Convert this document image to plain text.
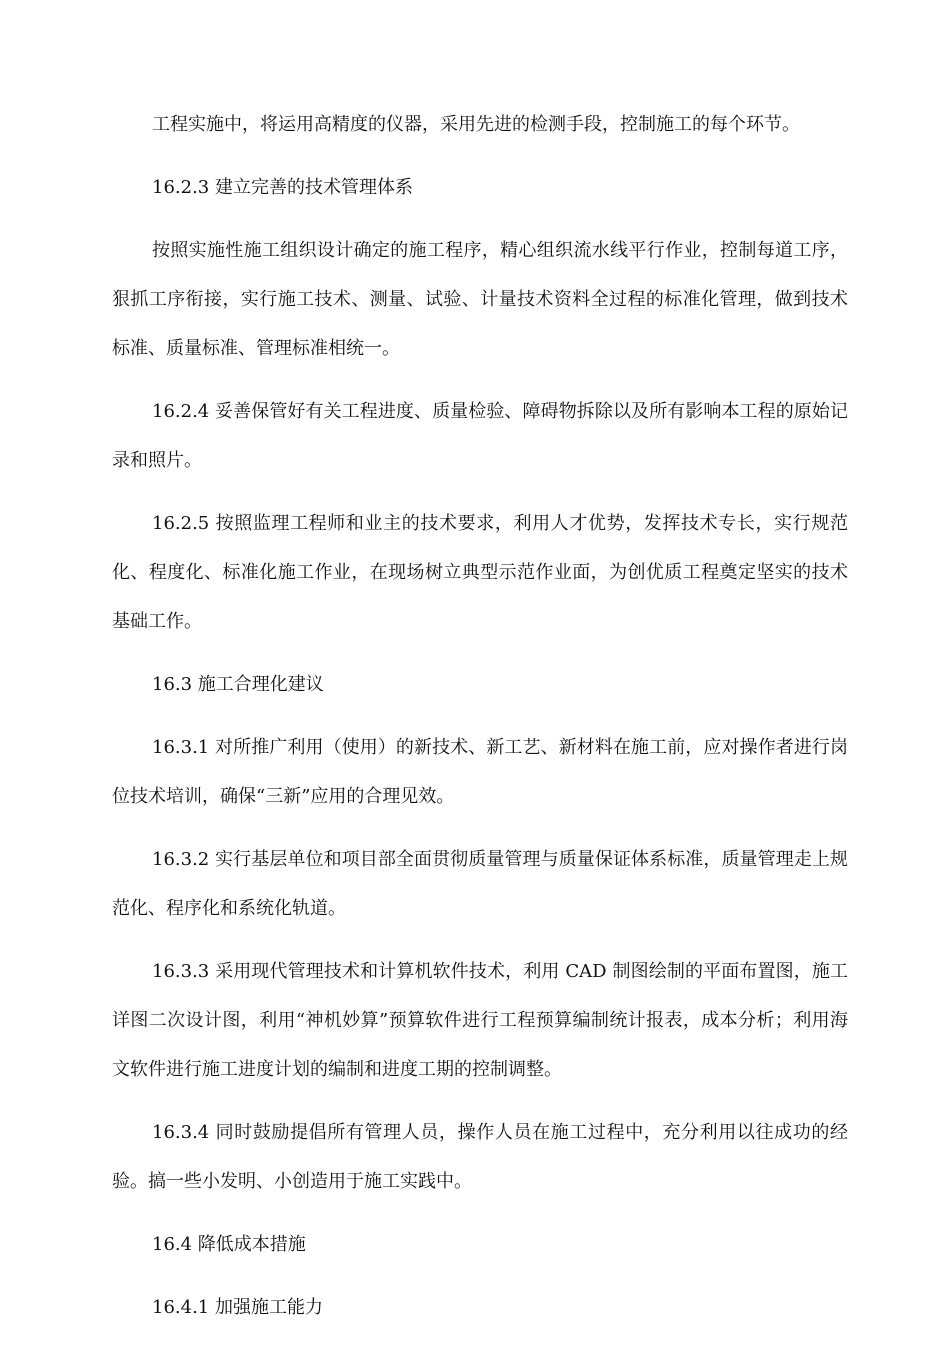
工程实施中，将运用高精度的仪器，采用先进的检测手段，控制施工的每个环节。

16.2.3 建立完善的技术管理体系

按照实施性施工组织设计确定的施工程序，精心组织流水线平行作业，控制每道工序，狠抓工序衔接，实行施工技术、测量、试验、计量技术资料全过程的标准化管理，做到技术标准、质量标准、管理标准相统一。

16.2.4 妥善保管好有关工程进度、质量检验、障碍物拆除以及所有影响本工程的原始记录和照片。

16.2.5 按照监理工程师和业主的技术要求，利用人才优势，发挥技术专长，实行规范化、程度化、标准化施工作业，在现场树立典型示范作业面，为创优质工程奠定坚实的技术基础工作。

16.3 施工合理化建议

16.3.1 对所推广利用（使用）的新技术、新工艺、新材料在施工前，应对操作者进行岗位技术培训，确保“三新”应用的合理见效。

16.3.2 实行基层单位和项目部全面贯彻质量管理与质量保证体系标准，质量管理走上规范化、程序化和系统化轨道。

16.3.3 采用现代管理技术和计算机软件技术，利用 CAD 制图绘制的平面布置图，施工详图二次设计图，利用“神机妙算”预算软件进行工程预算编制统计报表，成本分析；利用海文软件进行施工进度计划的编制和进度工期的控制调整。

16.3.4 同时鼓励提倡所有管理人员，操作人员在施工过程中，充分利用以往成功的经验。搞一些小发明、小创造用于施工实践中。

16.4 降低成本措施

16.4.1 加强施工能力
